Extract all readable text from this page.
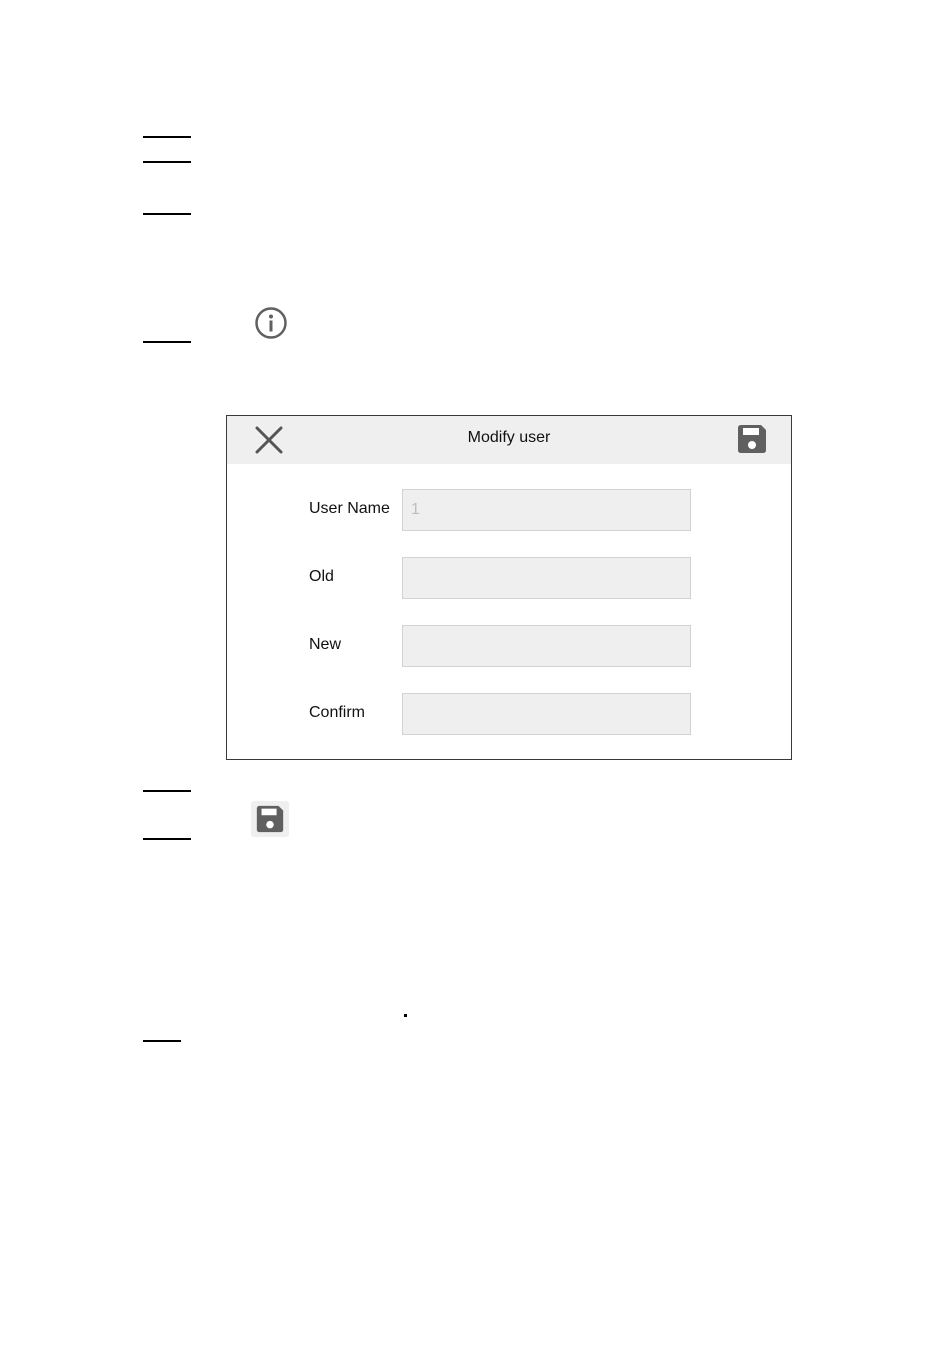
Modify user
User Name
1
Old
New
Confirm
